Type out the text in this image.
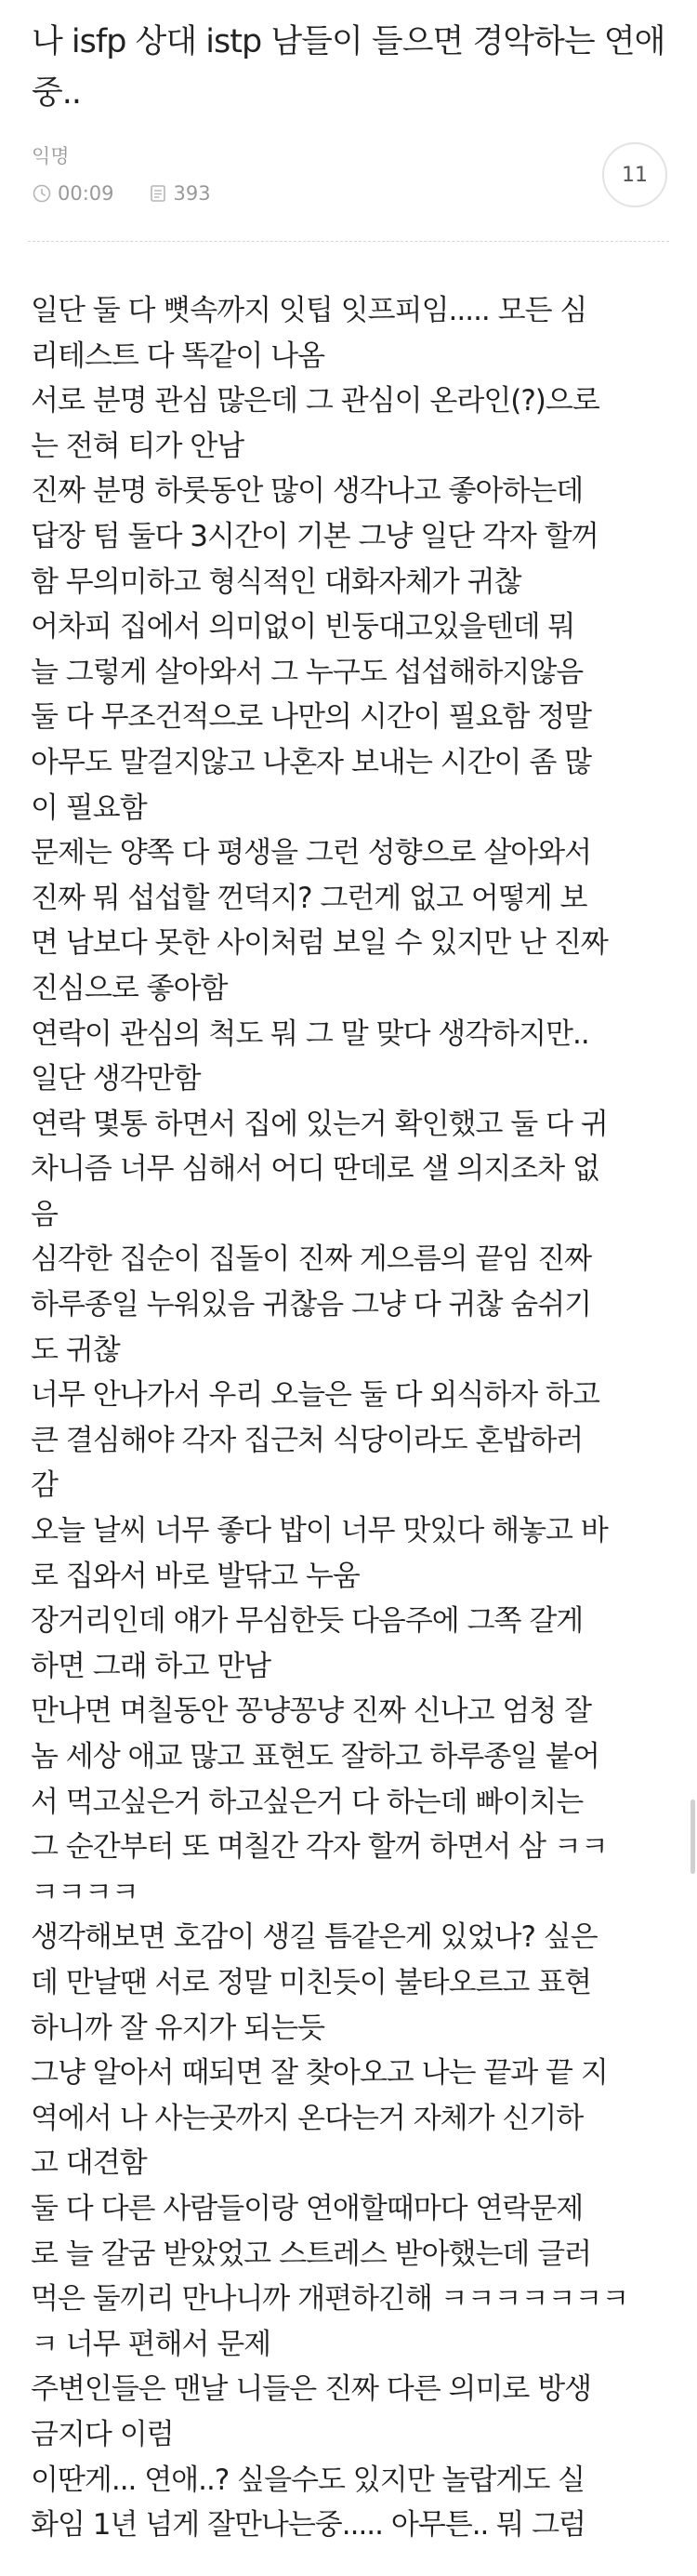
나 isfp 상대 istp 남들이 들으면 경악하는 연애중..
익명
00:09	393
11
일단 둘 다 뼛속까지 잇팁 잇프피임..... 모든 심
리테스트 다 똑같이 나옴
서로 분명 관심 많은데 그 관심이 온라인(?)으로
는 전혀 티가 안남
진짜 분명 하룻동안 많이 생각나고 좋아하는데
답장 텀 둘다 3시간이 기본 그냥 일단 각자 할꺼
함 무의미하고 형식적인 대화자체가 귀찮
어차피 집에서 의미없이 빈둥대고있을텐데 뭐
늘 그렇게 살아와서 그 누구도 섭섭해하지않음
둘 다 무조건적으로 나만의 시간이 필요함 정말
아무도 말걸지않고 나혼자 보내는 시간이 좀 많
이 필요함
문제는 양쪽 다 평생을 그런 성향으로 살아와서
진짜 뭐 섭섭할 껀덕지? 그런게 없고 어떻게 보
면 남보다 못한 사이처럼 보일 수 있지만 난 진짜
진심으로 좋아함
연락이 관심의 척도 뭐 그 말 맞다 생각하지만..
일단 생각만함
연락 몇통 하면서 집에 있는거 확인했고 둘 다 귀
차니즘 너무 심해서 어디 딴데로 샐 의지조차 없
음
심각한 집순이 집돌이 진짜 게으름의 끝임 진짜
하루종일 누워있음 귀찮음 그냥 다 귀찮 숨쉬기
도 귀찮
너무 안나가서 우리 오늘은 둘 다 외식하자 하고
큰 결심해야 각자 집근처 식당이라도 혼밥하러
감
오늘 날씨 너무 좋다 밥이 너무 맛있다 해놓고 바
로 집와서 바로 발닦고 누움
장거리인데 얘가 무심한듯 다음주에 그쪽 갈게
하면 그래 하고 만남
만나면 며칠동안 꽁냥꽁냥 진짜 신나고 엄청 잘
놈 세상 애교 많고 표현도 잘하고 하루종일 붙어
서 먹고싶은거 하고싶은거 다 하는데 빠이치는
그 순간부터 또 며칠간 각자 할꺼 하면서 삼 ㅋㅋ
ㅋㅋㅋㅋ
생각해보면 호감이 생길 틈같은게 있었나? 싶은
데 만날땐 서로 정말 미친듯이 불타오르고 표현
하니까 잘 유지가 되는듯
그냥 알아서 때되면 잘 찾아오고 나는 끝과 끝 지
역에서 나 사는곳까지 온다는거 자체가 신기하
고 대견함
둘 다 다른 사람들이랑 연애할때마다 연락문제
로 늘 갈굼 받았었고 스트레스 받아했는데 글러
먹은 둘끼리 만나니까 개편하긴해 ㅋㅋㅋㅋㅋㅋㅋ
ㅋ 너무 편해서 문제
주변인들은 맨날 니들은 진짜 다른 의미로 방생
금지다 이럼
이딴게... 연애..? 싶을수도 있지만 놀랍게도 실
화임 1년 넘게 잘만나는중..... 아무튼.. 뭐 그럼
